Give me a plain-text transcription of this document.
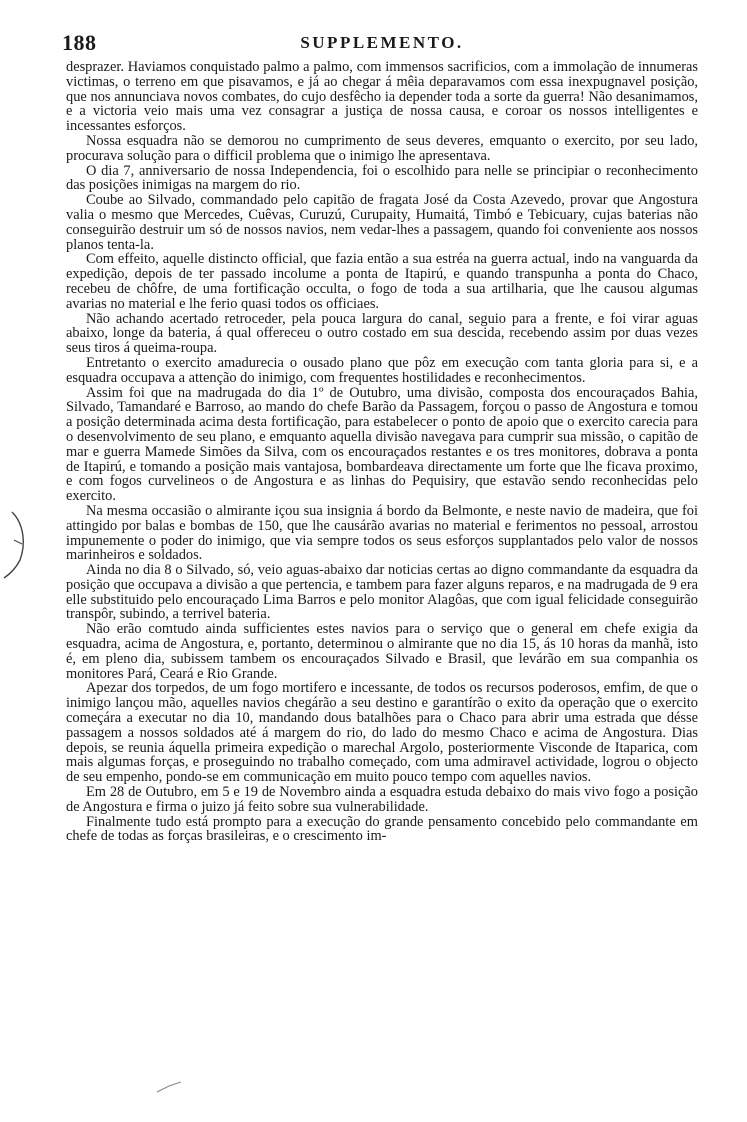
188	SUPPLEMENTO.

desprazer. Haviamos conquistado palmo a palmo, com immensos sacrificios, com a immolação de innumeras victimas, o terreno em que pisavamos, e já ao chegar á mêia deparavamos com essa inexpugnavel posição, que nos annunciava novos combates, do cujo desfêcho ia depender toda a sorte da guerra! Não desanimamos, e a victoria veio mais uma vez consagrar a justiça de nossa causa, e coroar os nossos intelligentes e incessantes esforços.

Nossa esquadra não se demorou no cumprimento de seus deveres, emquanto o exercito, por seu lado, procurava solução para o difficil problema que o inimigo lhe apresentava.

O dia 7, anniversario de nossa Independencia, foi o escolhido para nelle se principiar o reconhecimento das posições inimigas na margem do rio.

Coube ao Silvado, commandado pelo capitão de fragata José da Costa Azevedo, provar que Angostura valia o mesmo que Mercedes, Cuêvas, Curuzú, Curupaity, Humaitá, Timbó e Tebicuary, cujas baterias não conseguirão destruir um só de nossos navios, nem vedar-lhes a passagem, quando foi conveniente aos nossos planos tenta-la.

Com effeito, aquelle distincto official, que fazia então a sua estréa na guerra actual, indo na vanguarda da expedição, depois de ter passado incolume a ponta de Itapirú, e quando transpunha a ponta do Chaco, recebeu de chôfre, de uma fortificação occulta, o fogo de toda a sua artilharia, que lhe causou algumas avarias no material e lhe ferio quasi todos os officiaes.

Não achando acertado retroceder, pela pouca largura do canal, seguio para a frente, e foi virar aguas abaixo, longe da bateria, á qual offereceu o outro costado em sua descida, recebendo assim por duas vezes seus tiros á queima-roupa.

Entretanto o exercito amadurecia o ousado plano que pôz em execução com tanta gloria para si, e a esquadra occupava a attenção do inimigo, com frequentes hostilidades e reconhecimentos.

Assim foi que na madrugada do dia 1º de Outubro, uma divisão, composta dos encouraçados Bahia, Silvado, Tamandaré e Barroso, ao mando do chefe Barão da Passagem, forçou o passo de Angostura e tomou a posição determinada acima desta fortificação, para estabelecer o ponto de apoio que o exercito carecia para o desenvolvimento de seu plano, e emquanto aquella divisão navegava para cumprir sua missão, o capitão de mar e guerra Mamede Simões da Silva, com os encouraçados restantes e os tres monitores, dobrava a ponta de Itapirú, e tomando a posição mais vantajosa, bombardeava directamente um forte que lhe ficava proximo, e com fogos curvelineos o de Angostura e as linhas do Pequisiry, que estavão sendo reconhecidas pelo exercito.

Na mesma occasião o almirante içou sua insignia á bordo da Belmonte, e neste navio de madeira, que foi attingido por balas e bombas de 150, que lhe causárão avarias no material e ferimentos no pessoal, arrostou impunemente o poder do inimigo, que via sempre todos os seus esforços supplantados pelo valor de nossos marinheiros e soldados.

Ainda no dia 8 o Silvado, só, veio aguas-abaixo dar noticias certas ao digno commandante da esquadra da posição que occupava a divisão a que pertencia, e tambem para fazer alguns reparos, e na madrugada de 9 era elle substituido pelo encouraçado Lima Barros e pelo monitor Alagôas, que com igual felicidade conseguirão transpôr, subindo, a terrivel bateria.

Não erão comtudo ainda sufficientes estes navios para o serviço que o general em chefe exigia da esquadra, acima de Angostura, e, portanto, determinou o almirante que no dia 15, ás 10 horas da manhã, isto é, em pleno dia, subissem tambem os encouraçados Silvado e Brasil, que levárão em sua companhia os monitores Pará, Ceará e Rio Grande.

Apezar dos torpedos, de um fogo mortifero e incessante, de todos os recursos poderosos, emfim, de que o inimigo lançou mão, aquelles navios chegárão a seu destino e garantírão o exito da operação que o exercito começára a executar no dia 10, mandando dous batalhões para o Chaco para abrir uma estrada que désse passagem a nossos soldados até á margem do rio, do lado do mesmo Chaco e acima de Angostura. Dias depois, se reunia áquella primeira expedição o marechal Argolo, posteriormente Visconde de Itaparica, com mais algumas forças, e proseguindo no trabalho começado, com uma admiravel actividade, logrou o objecto de seu empenho, pondo-se em communicação em muito pouco tempo com aquelles navios.

Em 28 de Outubro, em 5 e 19 de Novembro ainda a esquadra estuda debaixo do mais vivo fogo a posição de Angostura e firma o juizo já feito sobre sua vulnerabilidade.

Finalmente tudo está prompto para a execução do grande pensamento concebido pelo commandante em chefe de todas as forças brasileiras, e o crescimento im-
